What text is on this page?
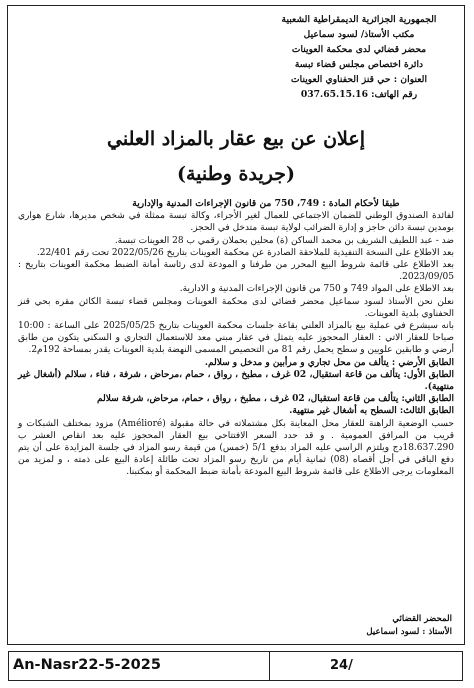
الجمهورية الجزائرية الديمقراطية الشعبية
مكتب الأستاذ/ لسود سماعيل
محضر قضائي لدى محكمة العوينات
دائرة اختصاص مجلس قضاء تبسة
العنوان : حي قنز الحفناوي العوينات
رقم الهاتف: 037.65.15.16
إعلان عن بيع عقار بالمزاد العلني
(جريدة وطنية)

طبقا لأحكام المادة : 749، 750 من قانون الإجراءات المدنية والإدارية

لفائدة الصندوق الوطني للضمان الاجتماعي للعمال لغير الأجراء، وكالة تبسة ممثلة في شخص مديرها، شارع هواري بومدين تبسة دائن حاجز و إدارة الضرائب لولاية تبسة متدخل في الحجز.

ضد - عبد اللطيف الشريف بن محمد الساكن (ة) محلين بحملان رقمي ب 28 العوينات تبسة.

بعد الاطلاع على النسخة التنفيذية للملاحقة الصادرة عن محكمة العوينات بتاريخ 2022/05/26 تحت رقم 22/401.

بعد الاطلاع على قائمة شروط البيع المحرر من طرفنا و المودعة لدى رئاسة أمانة الضبط محكمة العوينات بتاريخ : 2023/09/05.

بعد الاطلاع على المواد 749 و 750 من قانون الإجراءات المدنية و الادارية.

نعلن نحن الأستاذ لسود سماعيل محضر قضائي لدى محكمة العوينات ومجلس قضاء تبسة الكائن مقره بحي قنز الحفناوي بلدية العوينات.

بانه سيشرع في عملية بيع بالمزاد العلني بقاعة جلسات محكمة العوينات بتاريخ 2025/05/25 على الساعة : 10:00 صباحا للعقار الاتي : العقار المحجوز عليه يتمثل في عقار مبني معد للاستعمال التجاري و السكني يتكون من طابق أرضي و طابقين علويين و سطح يحمل رقم 81 من التحصيص المسمى النهضة بلدية العوينات يقدر بمساحة 192م2.

الطابق الأرضي : يتألف من محل تجاري و مرأبين و مدخل و سلالم.

الطابق الأول: يتألف من قاعة استقبال، 02 غرف ، مطبخ ، رواق ، حمام ،مرحاض ، شرفة ، فناء ، سلالم (أشغال غير منتهية).

الطابق الثاني: يتألف من قاعة استقبال، 02 غرف ، مطبخ ، رواق ، حمام، مرحاض، شرفة سلالم

الطابق الثالث: السطح به أشغال غير منتهية.

حسب الوضعية الراهنة للعقار محل المعاينة بكل مشتملاته في حالة مقبولة (Amélioré) مزود بمختلف الشبكات و قريب من المرافق العمومية . و قد حدد السعر الافتتاحي بيع العقار المحجوز عليه بعد انقاص العشر ب 18.637.290دج ويلتزم الراسي عليه المزاد بدفع 5/1 (خمس) من قيمة رسو المزاد في جلسة المزايدة على أن يتم دفع الباقي في أجل أقصاه (08) ثمانية أيام من تاريخ رسو المزاد تحت طائلة إعادة البيع على ذمته ، و لمزيد من المعلومات يرجى الاطلاع على قائمة شروط البيع المودعة بأمانة ضبط المحكمة أو بمكتبنا.

المحضر القضائي
الأستاذ : لسود اسماعيل
An-Nasr22-5-2025	24/
